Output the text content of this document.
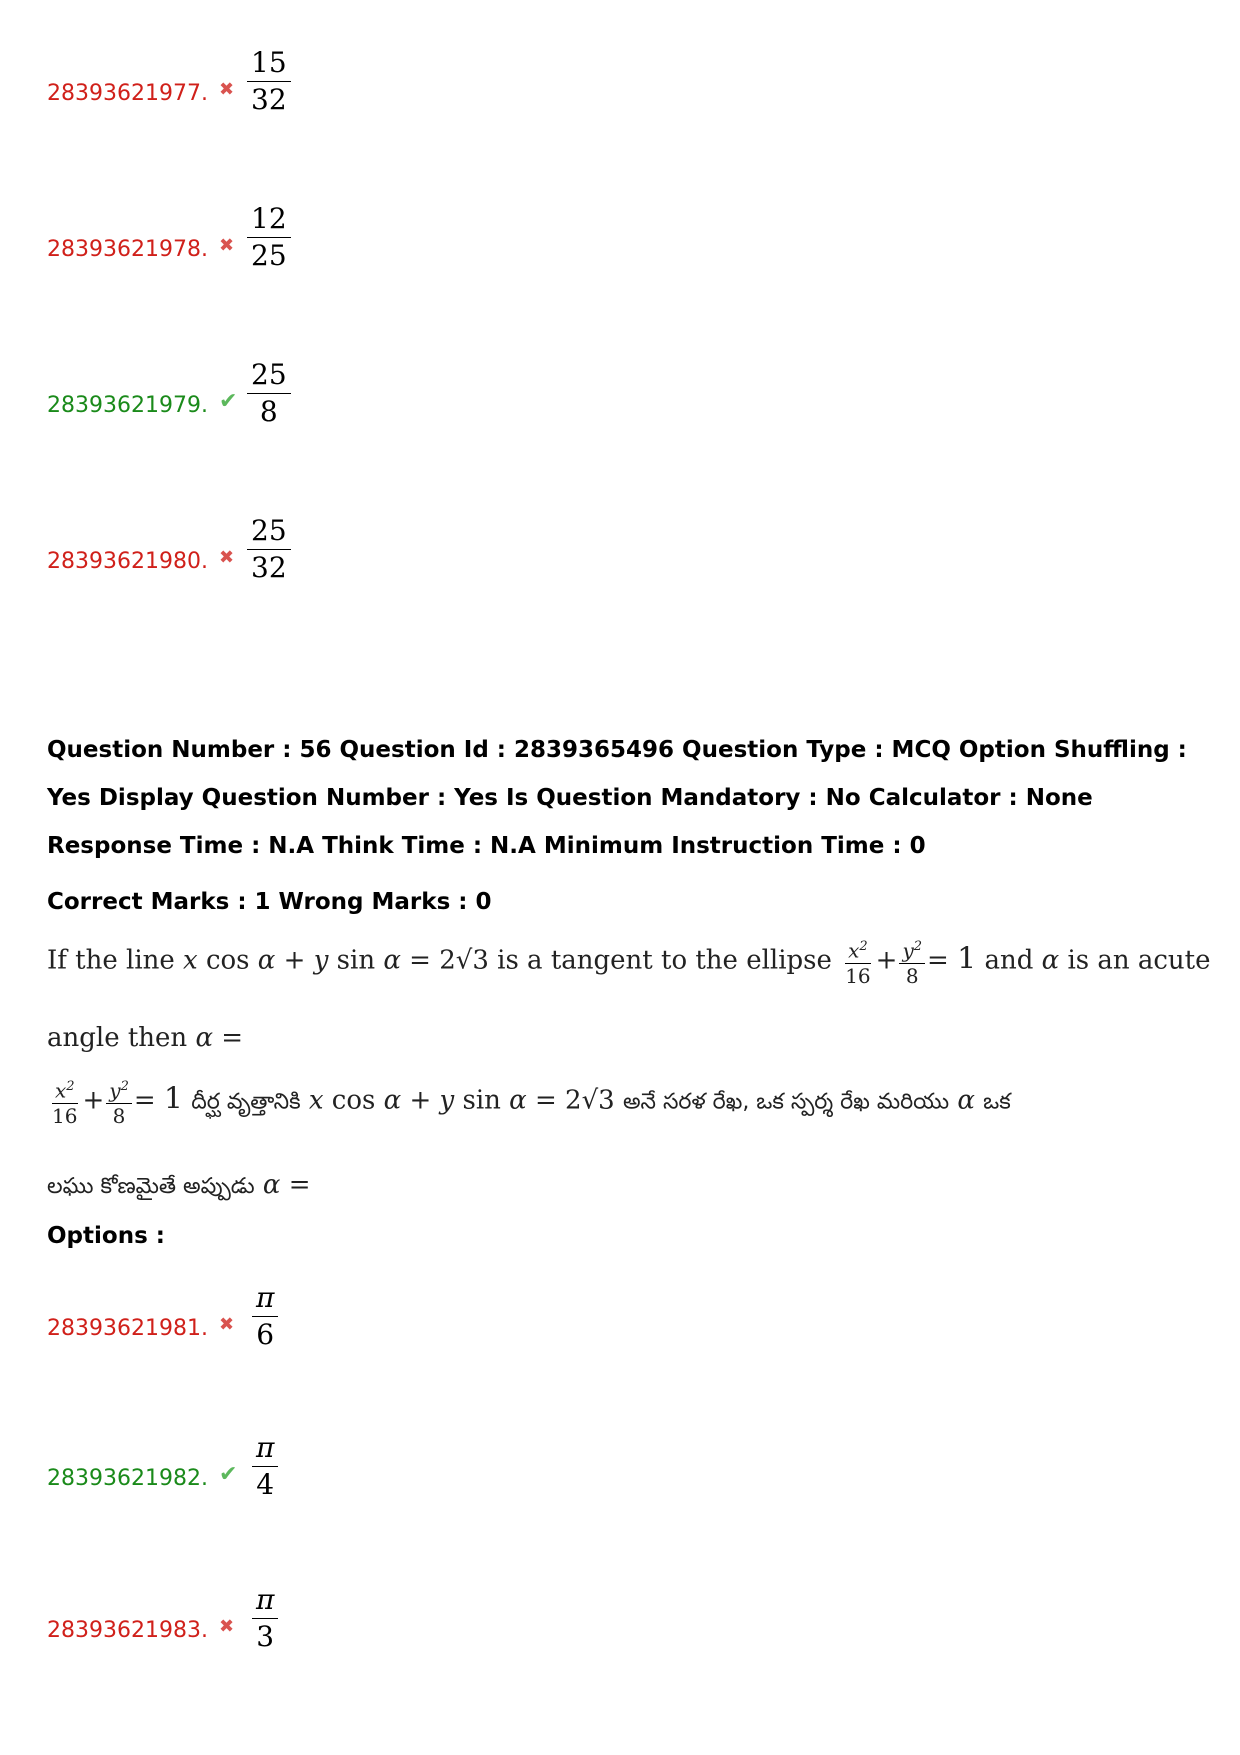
28393621977. ✖ $\frac{15}{32}$
28393621978. ✖ $\frac{12}{25}$
28393621979. ✔ $\frac{25}{8}$
28393621980. ✖ $\frac{25}{32}$
Question Number : 56 Question Id : 2839365496 Question Type : MCQ Option Shuffling : Yes Display Question Number : Yes Is Question Mandatory : No Calculator : None Response Time : N.A Think Time : N.A Minimum Instruction Time : 0
Correct Marks : 1 Wrong Marks : 0
If the line x cos α + y sin α = 2√3 is a tangent to the ellipse $\frac{x^2}{16} + \frac{y^2}{8} = 1$ and α is an acute
angle then α =
$\frac{x^2}{16} + \frac{y^2}{8} = 1$ దీర్ఘ వృత్తానికి x cos α + y sin α = 2√3 అనే సరళ రేఖ, ఒక స్పర్శ రేఖ మరియు α ఒక
లఘు కోణమైతే అప్పుడు α =
Options :
28393621981. ✖ $\frac{\pi}{6}$
28393621982. ✔ $\frac{\pi}{4}$
28393621983. ✖ $\frac{\pi}{3}$
